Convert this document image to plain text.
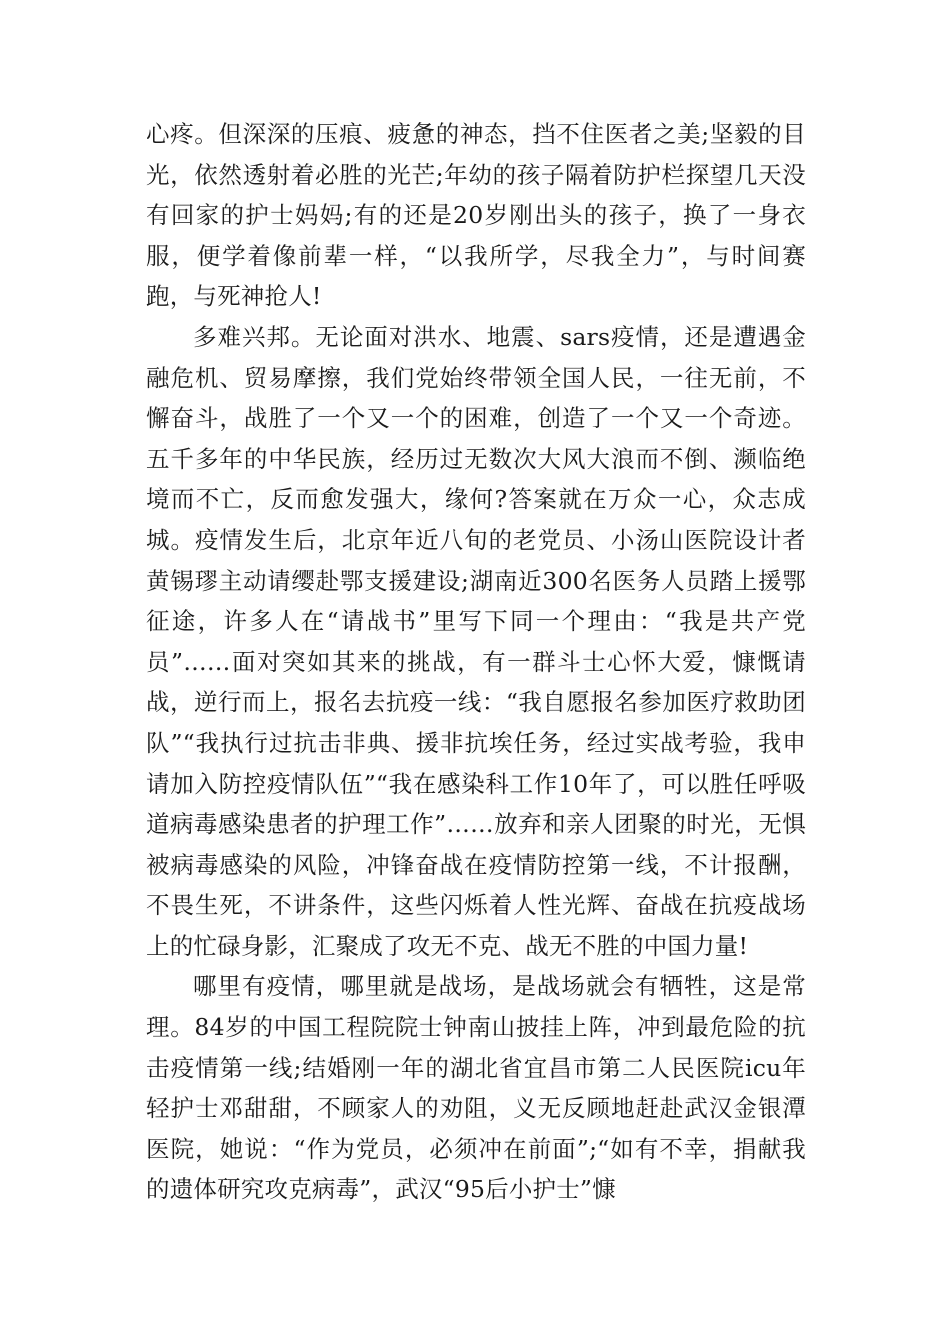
心疼。但深深的压痕、疲惫的神态，挡不住医者之美;坚毅的目光，依然透射着必胜的光芒;年幼的孩子隔着防护栏探望几天没有回家的护士妈妈;有的还是20岁刚出头的孩子，换了一身衣服，便学着像前辈一样，“以我所学，尽我全力”，与时间赛跑，与死神抢人!

多难兴邦。无论面对洪水、地震、sars疫情，还是遭遇金融危机、贸易摩擦，我们党始终带领全国人民，一往无前，不懈奋斗，战胜了一个又一个的困难，创造了一个又一个奇迹。五千多年的中华民族，经历过无数次大风大浪而不倒、濒临绝境而不亡，反而愈发强大，缘何?答案就在万众一心，众志成城。疫情发生后，北京年近八旬的老党员、小汤山医院设计者黄锡璆主动请缨赴鄂支援建设;湖南近300名医务人员踏上援鄂征途，许多人在“请战书”里写下同一个理由：“我是共产党员”……面对突如其来的挑战，有一群斗士心怀大爱，慷慨请战，逆行而上，报名去抗疫一线：“我自愿报名参加医疗救助团队”“我执行过抗击非典、援非抗埃任务，经过实战考验，我申请加入防控疫情队伍”“我在感染科工作10年了，可以胜任呼吸道病毒感染患者的护理工作”……放弃和亲人团聚的时光，无惧被病毒感染的风险，冲锋奋战在疫情防控第一线，不计报酬，不畏生死，不讲条件，这些闪烁着人性光辉、奋战在抗疫战场上的忙碌身影，汇聚成了攻无不克、战无不胜的中国力量!

哪里有疫情，哪里就是战场，是战场就会有牺牲，这是常理。84岁的中国工程院院士钟南山披挂上阵，冲到最危险的抗击疫情第一线;结婚刚一年的湖北省宜昌市第二人民医院icu年轻护士邓甜甜，不顾家人的劝阻，义无反顾地赶赴武汉金银潭医院，她说：“作为党员，必须冲在前面”;“如有不幸，捐献我的遗体研究攻克病毒”，武汉“95后小护士”慷
